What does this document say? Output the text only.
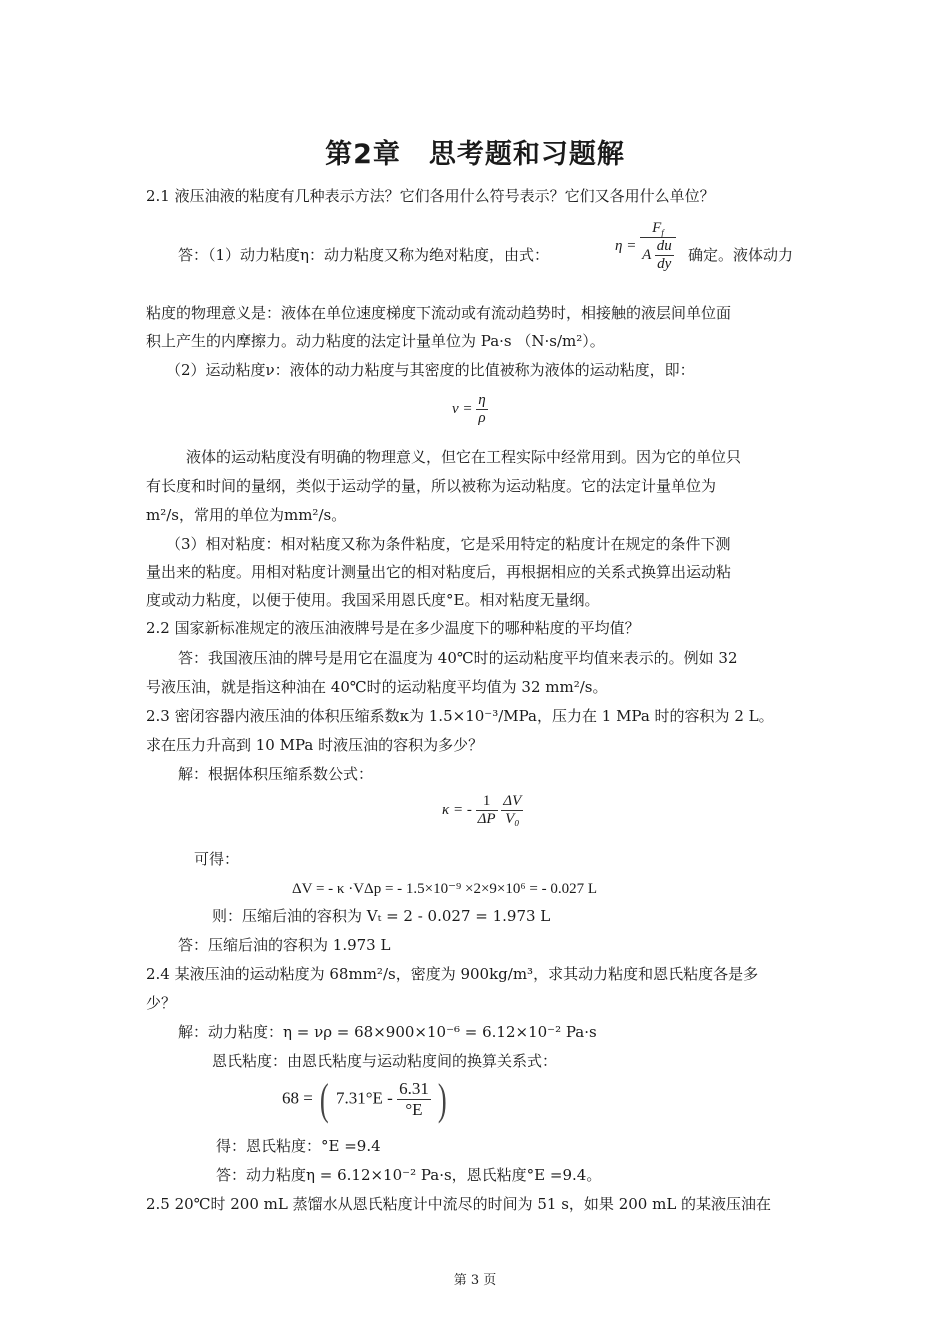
第2章　思考题和习题解
2.1 液压油液的粘度有几种表示方法？它们各用什么符号表示？它们又各用什么单位？
答：（1）动力粘度η：动力粘度又称为绝对粘度，由式：
$\eta = \frac{F_f}{A \frac{du}{dy}}$ 确定。液体动力
粘度的物理意义是：液体在单位速度梯度下流动或有流动趋势时，相接触的液层间单位面
积上产生的内摩擦力。动力粘度的法定计量单位为 Pa·s （N·s/m²）。
（2）运动粘度ν：液体的动力粘度与其密度的比值被称为液体的运动粘度，即：
$\nu = \frac{\eta}{\rho}$
液体的运动粘度没有明确的物理意义，但它在工程实际中经常用到。因为它的单位只
有长度和时间的量纲，类似于运动学的量，所以被称为运动粘度。它的法定计量单位为
m²/s，常用的单位为mm²/s。
（3）相对粘度：相对粘度又称为条件粘度，它是采用特定的粘度计在规定的条件下测
量出来的粘度。用相对粘度计测量出它的相对粘度后，再根据相应的关系式换算出运动粘
度或动力粘度，以便于使用。我国采用恩氏度°E。相对粘度无量纲。
2.2 国家新标准规定的液压油液牌号是在多少温度下的哪种粘度的平均值？
答：我国液压油的牌号是用它在温度为 40℃时的运动粘度平均值来表示的。例如 32
号液压油，就是指这种油在 40℃时的运动粘度平均值为 32 mm²/s。
2.3 密闭容器内液压油的体积压缩系数κ为 1.5×10⁻³/MPa，压力在 1 MPa 时的容积为 2 L。
求在压力升高到 10 MPa 时液压油的容积为多少？
解：根据体积压缩系数公式：
κ = - $\frac{1}{\Delta P}$
$\frac{\Delta V}{\text{V₀}}$
可得：
ΔV = - κ ·VΔp = - 1.5×10⁻⁹ ×2×9×10⁶ = - 0.027 L
则：压缩后油的容积为 Vₜ = 2 - 0.027 = 1.973 L
答：压缩后油的容积为 1.973 L
2.4 某液压油的运动粘度为 68mm²/s，密度为 900kg/m³，求其动力粘度和恩氏粘度各是多
少？
解：动力粘度：η = νρ = 68×900×10⁻⁶ = 6.12×10⁻² Pa·s
恩氏粘度：由恩氏粘度与运动粘度间的换算关系式：
68 = ( $7.31^\circ E - \frac{6.31}{^\circ E}$ )
得：恩氏粘度：°E =9.4
答：动力粘度η = 6.12×10⁻² Pa·s，恩氏粘度°E =9.4。
2.5 20℃时 200 mL 蒸馏水从恩氏粘度计中流尽的时间为 51 s，如果 200 mL 的某液压油在
第 3 页
